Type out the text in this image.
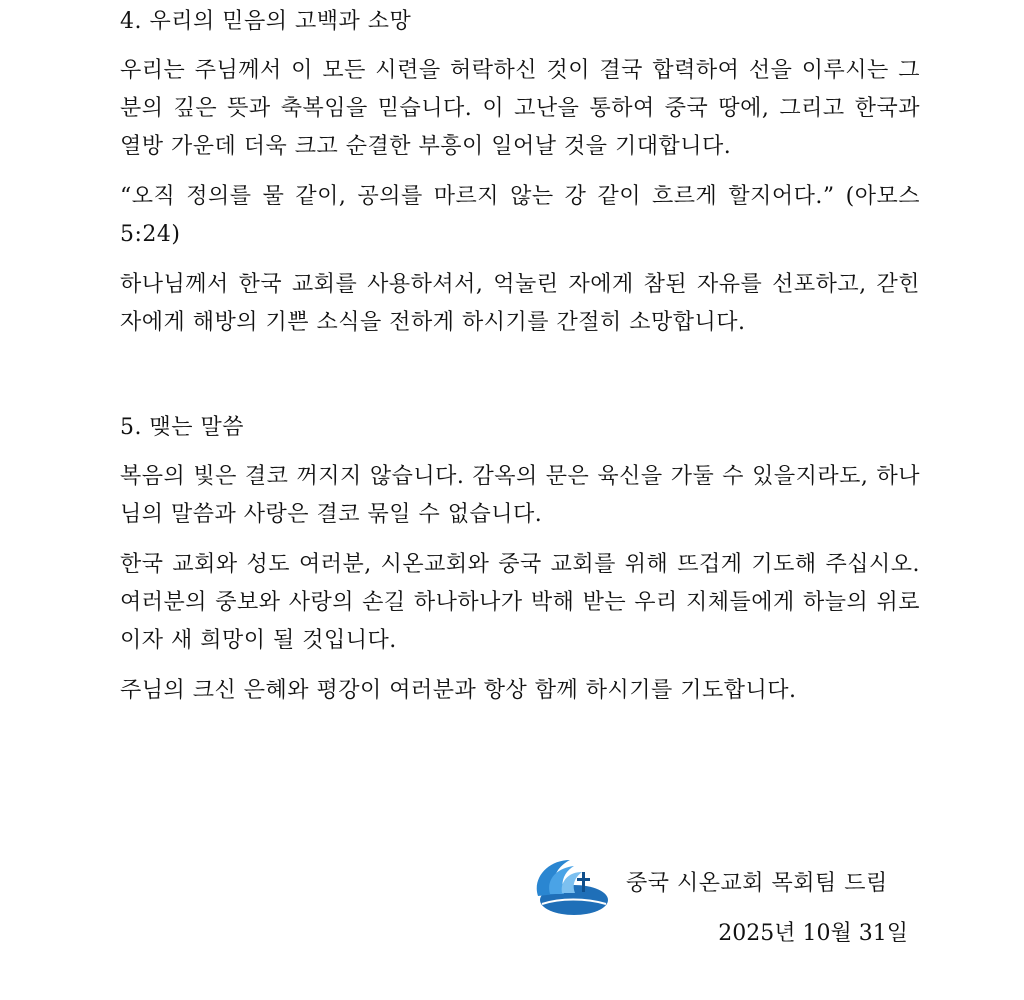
4. 우리의 믿음의 고백과 소망

우리는 주님께서 이 모든 시련을 허락하신 것이 결국 합력하여 선을 이루시는 그분의 깊은 뜻과 축복임을 믿습니다. 이 고난을 통하여 중국 땅에, 그리고 한국과 열방 가운데 더욱 크고 순결한 부흥이 일어날 것을 기대합니다.

“오직 정의를 물 같이, 공의를 마르지 않는 강 같이 흐르게 할지어다.” (아모스 5:24)

하나님께서 한국 교회를 사용하셔서, 억눌린 자에게 참된 자유를 선포하고, 갇힌 자에게 해방의 기쁜 소식을 전하게 하시기를 간절히 소망합니다.

5. 맺는 말씀

복음의 빛은 결코 꺼지지 않습니다. 감옥의 문은 육신을 가둘 수 있을지라도, 하나님의 말씀과 사랑은 결코 묶일 수 없습니다.

한국 교회와 성도 여러분, 시온교회와 중국 교회를 위해 뜨겁게 기도해 주십시오. 여러분의 중보와 사랑의 손길 하나하나가 박해 받는 우리 지체들에게 하늘의 위로이자 새 희망이 될 것입니다.

주님의 크신 은혜와 평강이 여러분과 항상 함께 하시기를 기도합니다.

중국 시온교회 목회팀 드림
2025년 10월 31일
